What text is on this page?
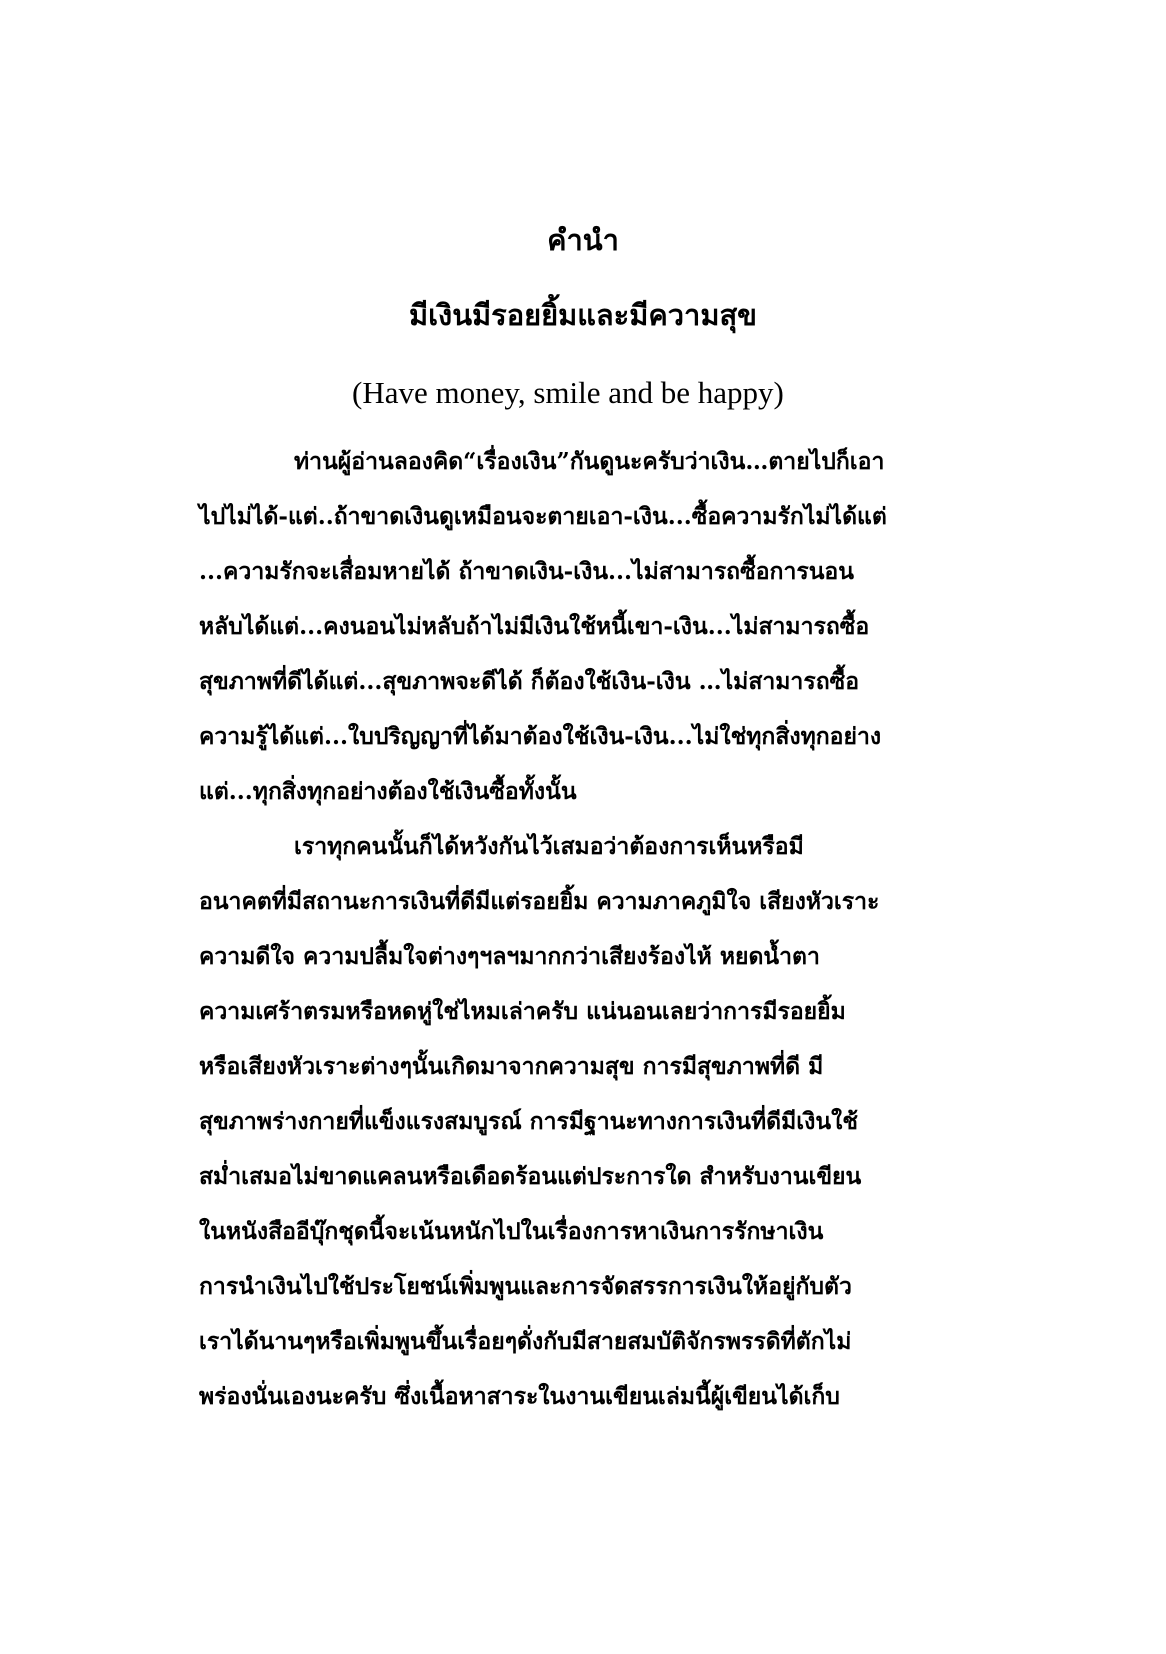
คำนำ
มีเงินมีรอยยิ้มและมีความสุข
(Have money, smile and be happy)
ท่านผู้อ่านลองคิด“เรื่องเงิน”กันดูนะครับว่าเงิน…ตายไปก็เอา
ไปไม่ได้-แต่..ถ้าขาดเงินดูเหมือนจะตายเอา-เงิน...ซื้อความรักไม่ได้แต่
...ความรักจะเสื่อมหายได้ ถ้าขาดเงิน-เงิน...ไม่สามารถซื้อการนอน
หลับได้แต่...คงนอนไม่หลับถ้าไม่มีเงินใช้หนี้เขา-เงิน...ไม่สามารถซื้อ
สุขภาพที่ดีได้แต่...สุขภาพจะดีได้ ก็ต้องใช้เงิน-เงิน …ไม่สามารถซื้อ
ความรู้ได้แต่...ใบปริญญาที่ได้มาต้องใช้เงิน-เงิน...ไม่ใช่ทุกสิ่งทุกอย่าง
แต่...ทุกสิ่งทุกอย่างต้องใช้เงินซื้อทั้งนั้น
เราทุกคนนั้นก็ได้หวังกันไว้เสมอว่าต้องการเห็นหรือมี
อนาคตที่มีสถานะการเงินที่ดีมีแต่รอยยิ้ม ความภาคภูมิใจ เสียงหัวเราะ
ความดีใจ ความปลื้มใจต่างๆฯลฯมากกว่าเสียงร้องไห้ หยดน้ำตา
ความเศร้าตรมหรือหดหู่ใช่ไหมเล่าครับ แน่นอนเลยว่าการมีรอยยิ้ม
หรือเสียงหัวเราะต่างๆนั้นเกิดมาจากความสุข การมีสุขภาพที่ดี มี
สุขภาพร่างกายที่แข็งแรงสมบูรณ์ การมีฐานะทางการเงินที่ดีมีเงินใช้
สม่ำเสมอไม่ขาดแคลนหรือเดือดร้อนแต่ประการใด สำหรับงานเขียน
ในหนังสืออีบุ๊กชุดนี้จะเน้นหนักไปในเรื่องการหาเงินการรักษาเงิน
การนำเงินไปใช้ประโยชน์เพิ่มพูนและการจัดสรรการเงินให้อยู่กับตัว
เราได้นานๆหรือเพิ่มพูนขึ้นเรื่อยๆดั่งกับมีสายสมบัติจักรพรรดิที่ตักไม่
พร่องนั่นเองนะครับ ซึ่งเนื้อหาสาระในงานเขียนเล่มนี้ผู้เขียนได้เก็บ
